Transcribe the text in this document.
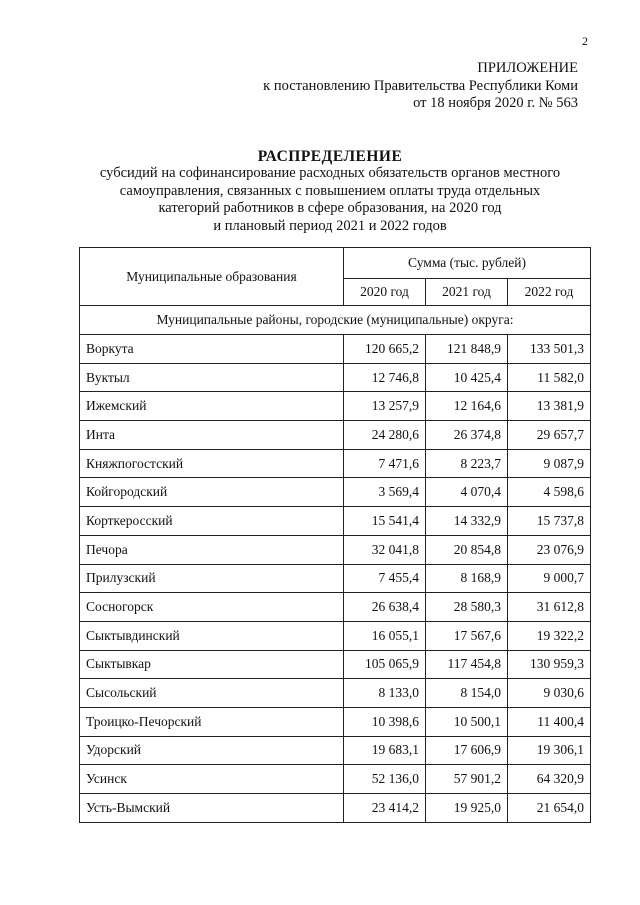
2
ПРИЛОЖЕНИЕ
к постановлению Правительства Республики Коми
от 18 ноября 2020 г. № 563
РАСПРЕДЕЛЕНИЕ
субсидий на софинансирование расходных обязательств органов местного
самоуправления, связанных с повышением оплаты труда отдельных
категорий работников в сфере образования, на 2020 год
и плановый период 2021 и 2022 годов
Муниципальные образования	Сумма (тыс. рублей)		
	2020 год	2021 год	2022 год
Муниципальные районы, городские (муниципальные) округа:			
Воркута	120 665,2	121 848,9	133 501,3
Вуктыл	12 746,8	10 425,4	11 582,0
Ижемский	13 257,9	12 164,6	13 381,9
Инта	24 280,6	26 374,8	29 657,7
Княжпогостский	7 471,6	8 223,7	9 087,9
Койгородский	3 569,4	4 070,4	4 598,6
Корткеросский	15 541,4	14 332,9	15 737,8
Печора	32 041,8	20 854,8	23 076,9
Прилузский	7 455,4	8 168,9	9 000,7
Сосногорск	26 638,4	28 580,3	31 612,8
Сыктывдинский	16 055,1	17 567,6	19 322,2
Сыктывкар	105 065,9	117 454,8	130 959,3
Сысольский	8 133,0	8 154,0	9 030,6
Троицко-Печорский	10 398,6	10 500,1	11 400,4
Удорский	19 683,1	17 606,9	19 306,1
Усинск	52 136,0	57 901,2	64 320,9
Усть-Вымский	23 414,2	19 925,0	21 654,0
